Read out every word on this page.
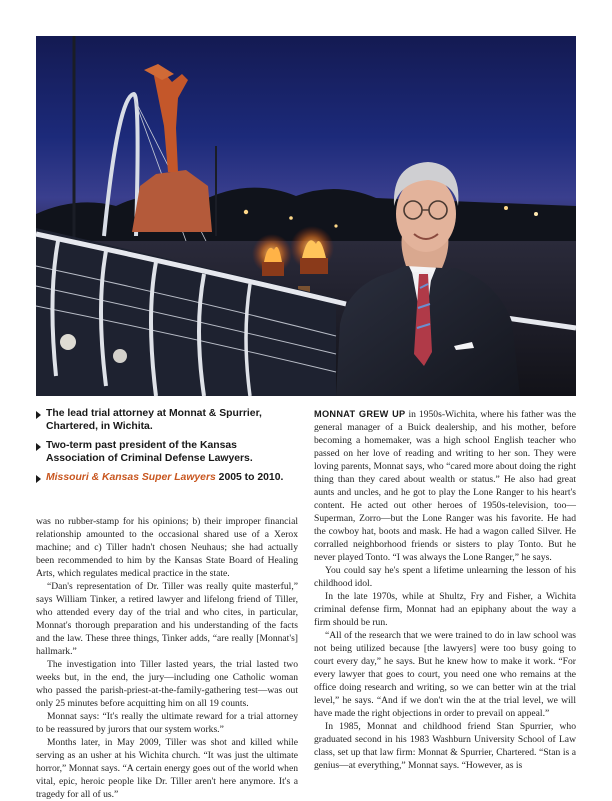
The lead trial attorney at Monnat & Spurrier, Chartered, in Wichita.
Two-term past president of the Kansas Association of Criminal Defense Lawyers.
Missouri & Kansas Super Lawyers 2005 to 2010.

was no rubber-stamp for his opinions; b) their improper financial relationship amounted to the occasional shared use of a Xerox machine; and c) Tiller hadn't chosen Neuhaus; she had actually been recommended to him by the Kansas State Board of Healing Arts, which regulates medical practice in the state.

“Dan's representation of Dr. Tiller was really quite masterful,” says William Tinker, a retired lawyer and lifelong friend of Tiller, who attended every day of the trial and who cites, in particular, Monnat's thorough preparation and his understanding of the facts and the law. These three things, Tinker adds, “are really [Monnat's] hallmark.”

The investigation into Tiller lasted years, the trial lasted two weeks but, in the end, the jury—including one Catholic woman who passed the parish-priest-at-the-family-gathering test—was out only 25 minutes before acquitting him on all 19 counts.

Monnat says: “It's really the ultimate reward for a trial attorney to be reassured by jurors that our system works.”

Months later, in May 2009, Tiller was shot and killed while serving as an usher at his Wichita church. “It was just the ultimate horror,” Monnat says. “A certain energy goes out of the world when vital, epic, heroic people like Dr. Tiller aren't here anymore. It's a tragedy for all of us.”

MONNAT GREW UP in 1950s-Wichita, where his father was the general manager of a Buick dealership, and his mother, before becoming a homemaker, was a high school English teacher who passed on her love of reading and writing to her son. They were loving parents, Monnat says, who “cared more about doing the right thing than they cared about wealth or status.” He also had great aunts and uncles, and he got to play the Lone Ranger to his heart's content. He acted out other heroes of 1950s-television, too—Superman, Zorro—but the Lone Ranger was his favorite. He had the cowboy hat, boots and mask. He had a wagon called Silver. He corralled neighborhood friends or sisters to play Tonto. But he never played Tonto. “I was always the Lone Ranger,” he says.

You could say he's spent a lifetime unlearning the lesson of his childhood idol.

In the late 1970s, while at Shultz, Fry and Fisher, a Wichita criminal defense firm, Monnat had an epiphany about the way a firm should be run.

“All of the research that we were trained to do in law school was not being utilized because [the lawyers] were too busy going to court every day,” he says. But he knew how to make it work. “For every lawyer that goes to court, you need one who remains at the office doing research and writing, so we can better win at the trial level,” he says. “And if we don't win the at the trial level, we will have made the right objections in order to prevail on appeal.”

In 1985, Monnat and childhood friend Stan Spurrier, who graduated second in his 1983 Washburn University School of Law class, set up that law firm: Monnat & Spurrier, Chartered. “Stan is a genius—at everything,” Monnat says. “However, as is
